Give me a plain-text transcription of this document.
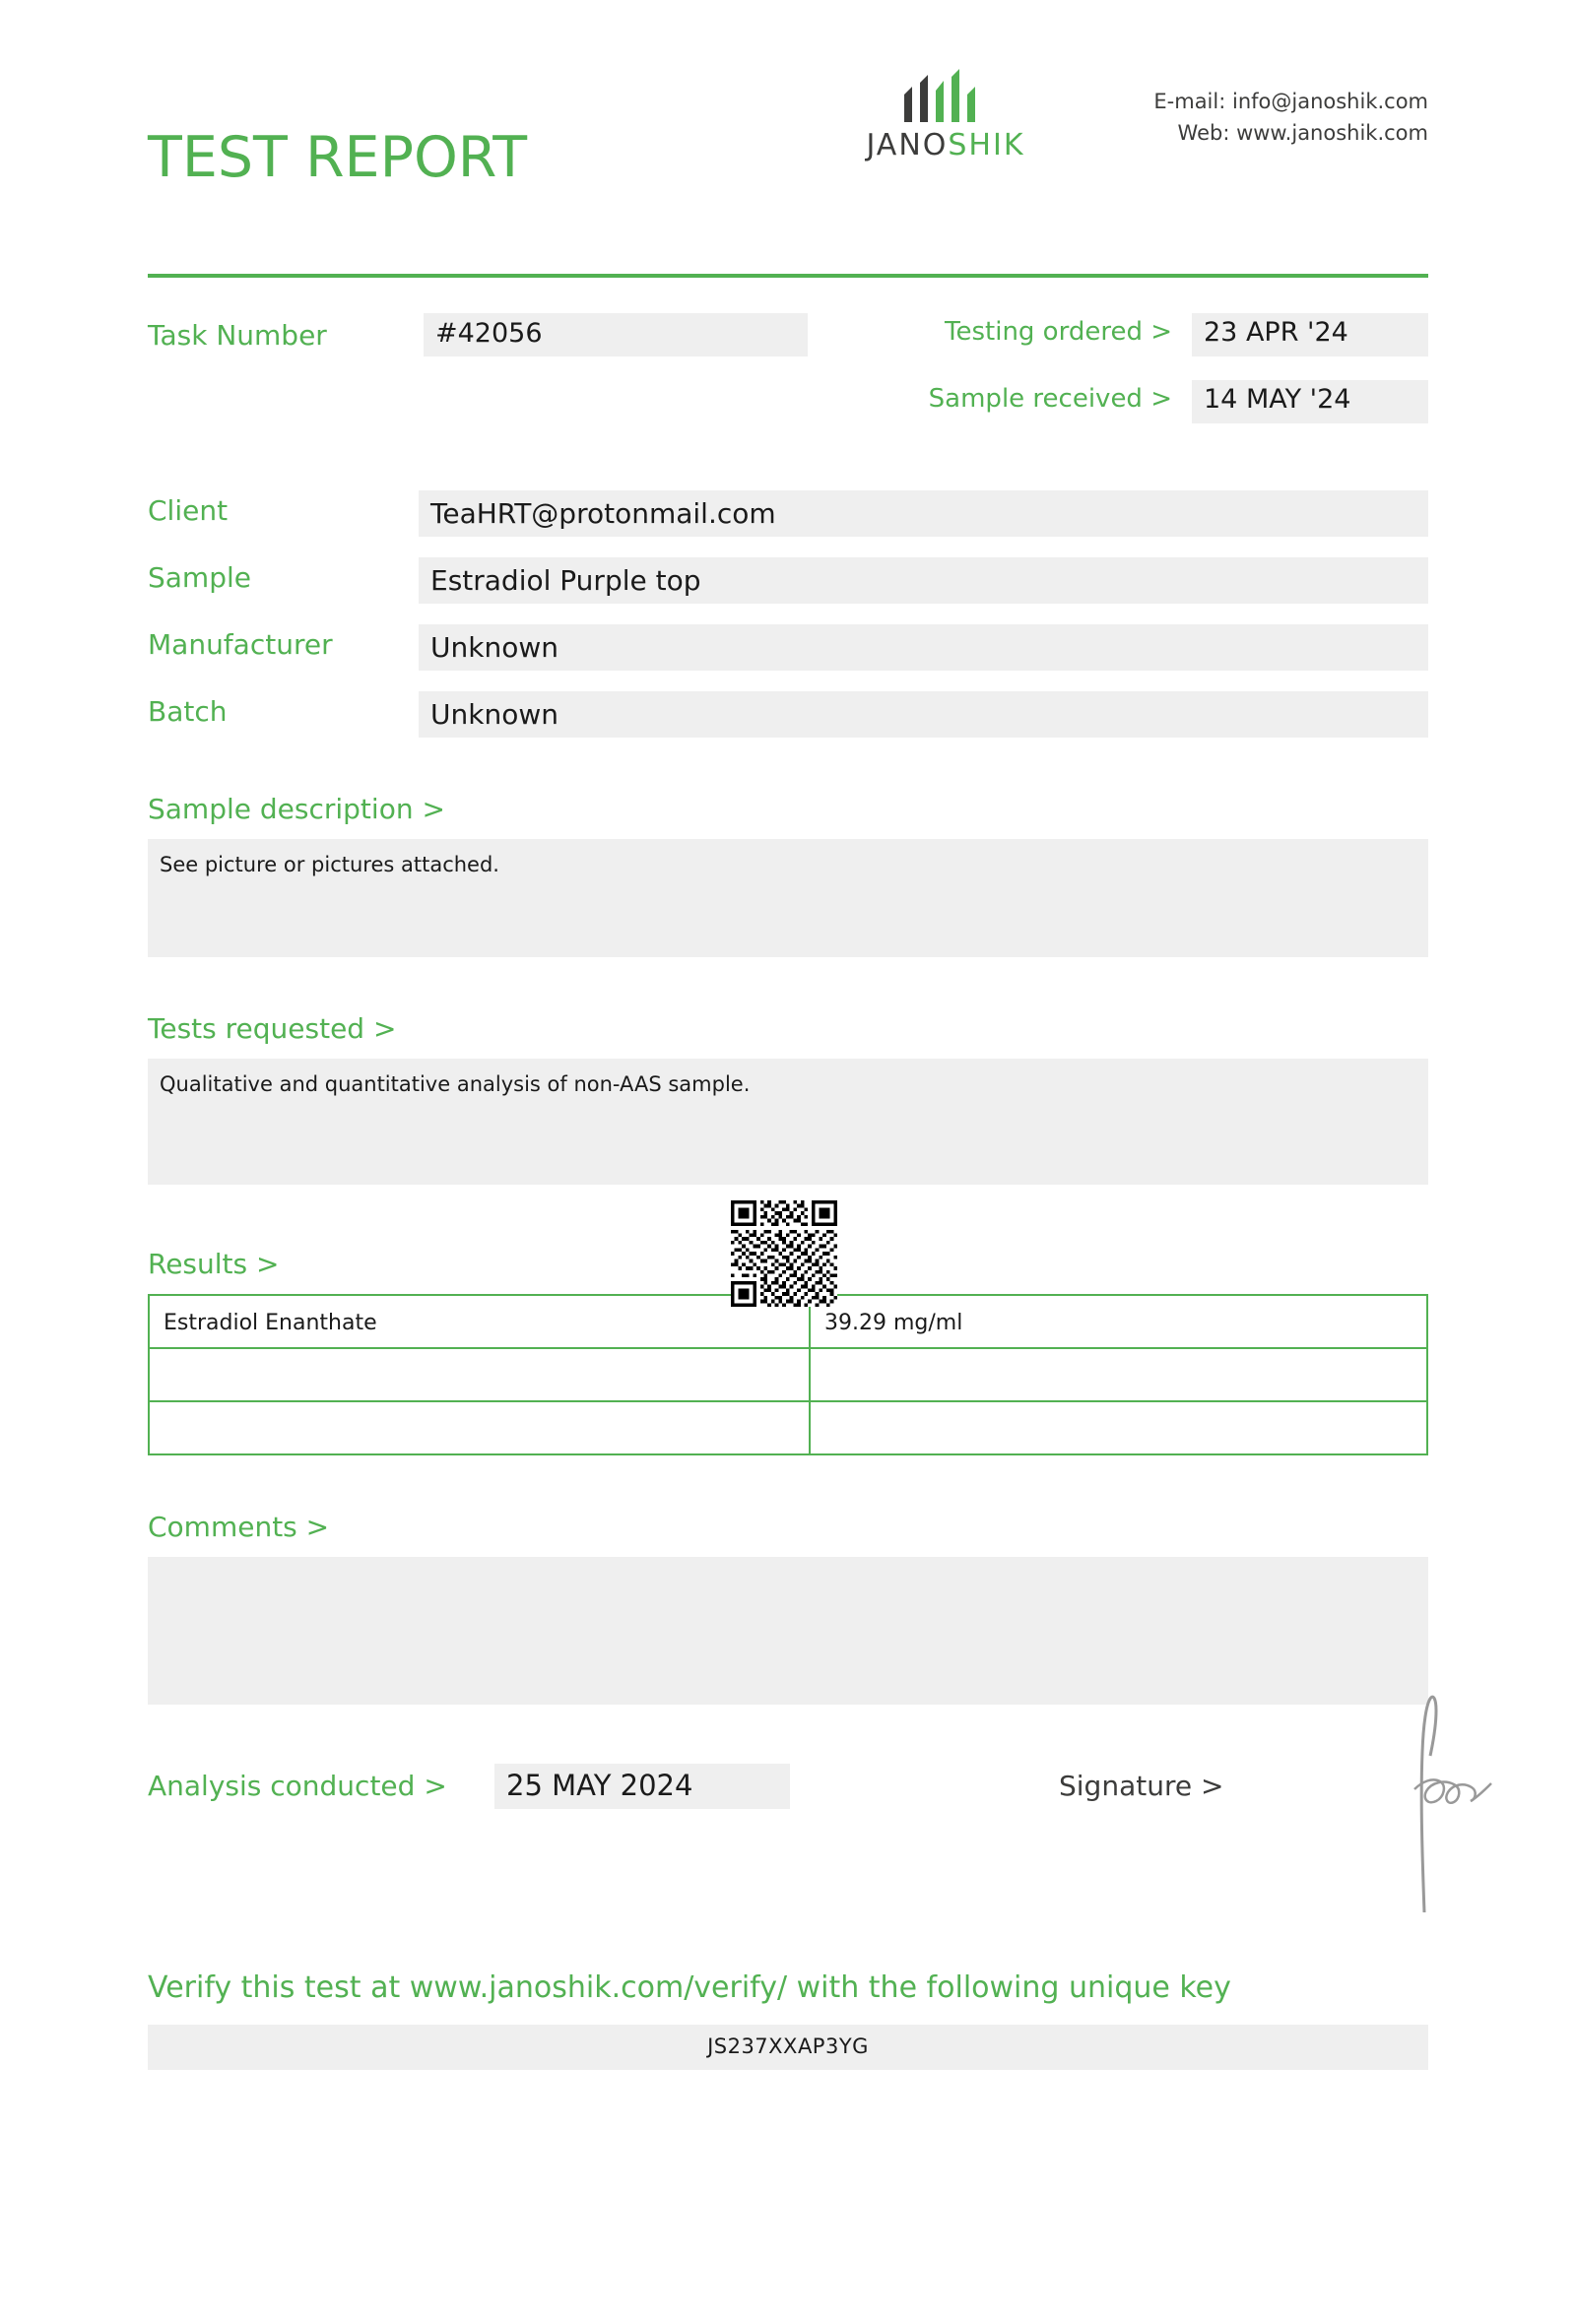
TEST REPORT	JANOSHIK
E-mail: info@janoshik.com
Web: www.janoshik.com
Task Number	#42056	Testing ordered >	23 APR '24
Sample received >	14 MAY '24
Client	TeaHRT@protonmail.com
Sample	Estradiol Purple top
Manufacturer	Unknown
Batch	Unknown
Sample description >
See picture or pictures attached.
Tests requested >
Qualitative and quantitative analysis of non-AAS sample.
Results >
Estradiol Enanthate	39.29 mg/ml

Comments >
Analysis conducted >	25 MAY 2024	Signature >
Verify this test at www.janoshik.com/verify/ with the following unique key
JS237XXAP3YG
